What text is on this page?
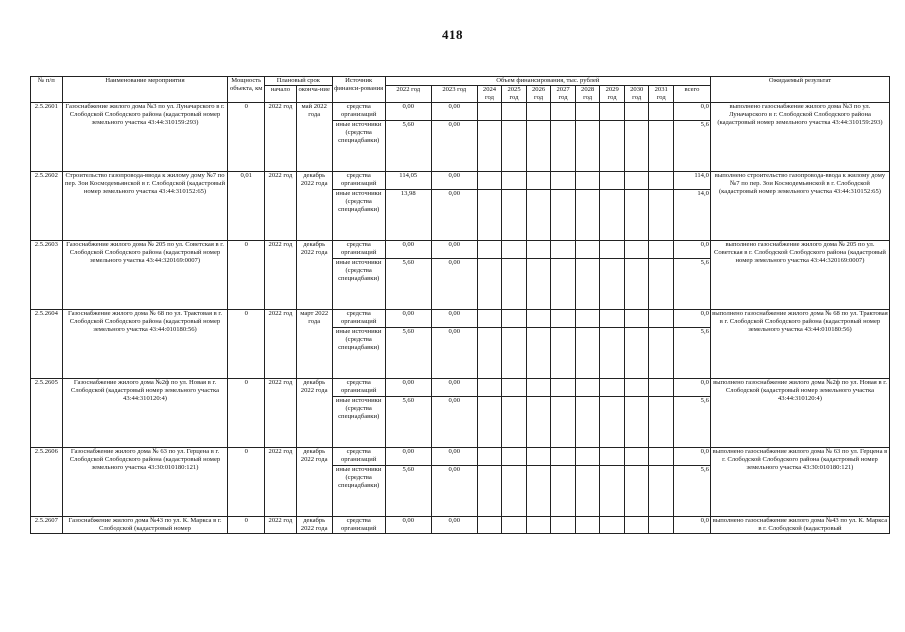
418
№ п/п	Наименование мероприятия	Мощность объекта, км	Плановый срок		Источник финанси-рования	Объем финансирования, тыс. рублей											Ожидаемый результат
			начало	оконча-ние		2022 год	2023 год	2024 год	2025 год	2026 год	2027 год	2028 год	2029 год	2030 год	2031 год	всего	

2.5.2601	Газоснабжение жилого дома №3 по ул. Луначарского в г. Слободской Слободского района (кадастровый номер земельного участка 43:44:310159:293)	0	2022 год	май 2022 года	средства организаций	0,00	0,00									0,0	выполнено газоснабжение жилого дома №3 по ул. Луначарского в г. Слободской Слободского района (кадастровый номер земельного участка 43:44:310159:293)
					иные источники (средства спецнадбавки)	5,60	0,00									5,6	
2.5.2602	Строительство газопровода-ввода к жилому дому №7 по пер. Зои Космодемьянской в г. Слободской (кадастровый номер земельного участка 43:44:310152:65)	0,01	2022 год	декабрь 2022 года	средства организаций	114,05	0,00									114,0	выполнено строительство газопровода-ввода к жилому дому №7 по пер. Зои Космодемьянской в г. Слободской (кадастровый номер земельного участка 43:44:310152:65)
					иные источники (средства спецнадбавки)	13,98	0,00									14,0	
2.5.2603	Газоснабжение жилого дома № 205 по ул. Советская в г. Слободской Слободского района (кадастровый номер земельного участка 43:44:320169:0007)	0	2022 год	декабрь 2022 года	средства организаций	0,00	0,00									0,0	выполнено газоснабжение жилого дома № 205 по ул. Советская в г. Слободской Слободского района (кадастровый номер земельного участка 43:44:320169:0007)
					иные источники (средства спецнадбавки)	5,60	0,00									5,6	
2.5.2604	Газоснабжение жилого дома № 68 по ул. Трактовая в г. Слободской Слободского района (кадастровый номер земельного участка 43:44:010180:56)	0	2022 год	март 2022 года	средства организаций	0,00	0,00									0,0	выполнено газоснабжение жилого дома № 68 по ул. Трактовая в г. Слободской Слободского района (кадастровый номер земельного участка 43:44:010180:56)
					иные источники (средства спецнадбавки)	5,60	0,00									5,6	
2.5.2605	Газоснабжение жилого дома №2ф по ул. Новая в г. Слободской (кадастровый номер земельного участка 43:44:310120:4)	0	2022 год	декабрь 2022 года	средства организаций	0,00	0,00									0,0	выполнено газоснабжение жилого дома №2ф по ул. Новая в г. Слободской (кадастровый номер земельного участка 43:44:310120:4)
					иные источники (средства спецнадбавки)	5,60	0,00									5,6	
2.5.2606	Газоснабжение жилого дома № 63 по ул. Герцена в г. Слободской Слободского района (кадастровый номер земельного участка 43:30:010180:121)	0	2022 год	декабрь 2022 года	средства организаций	0,00	0,00									0,0	выполнено газоснабжение жилого дома № 63 по ул. Герцена в г. Слободской Слободского района (кадастровый номер земельного участка 43:30:010180:121)
					иные источники (средства спецнадбавки)	5,60	0,00									5,6	
2.5.2607	Газоснабжение жилого дома №43 по ул. К. Маркса в г. Слободской (кадастровый номер	0	2022 год	декабрь 2022 года	средства организаций	0,00	0,00									0,0	выполнено газоснабжение жилого дома №43 по ул. К. Маркса в г. Слободской (кадастровый
